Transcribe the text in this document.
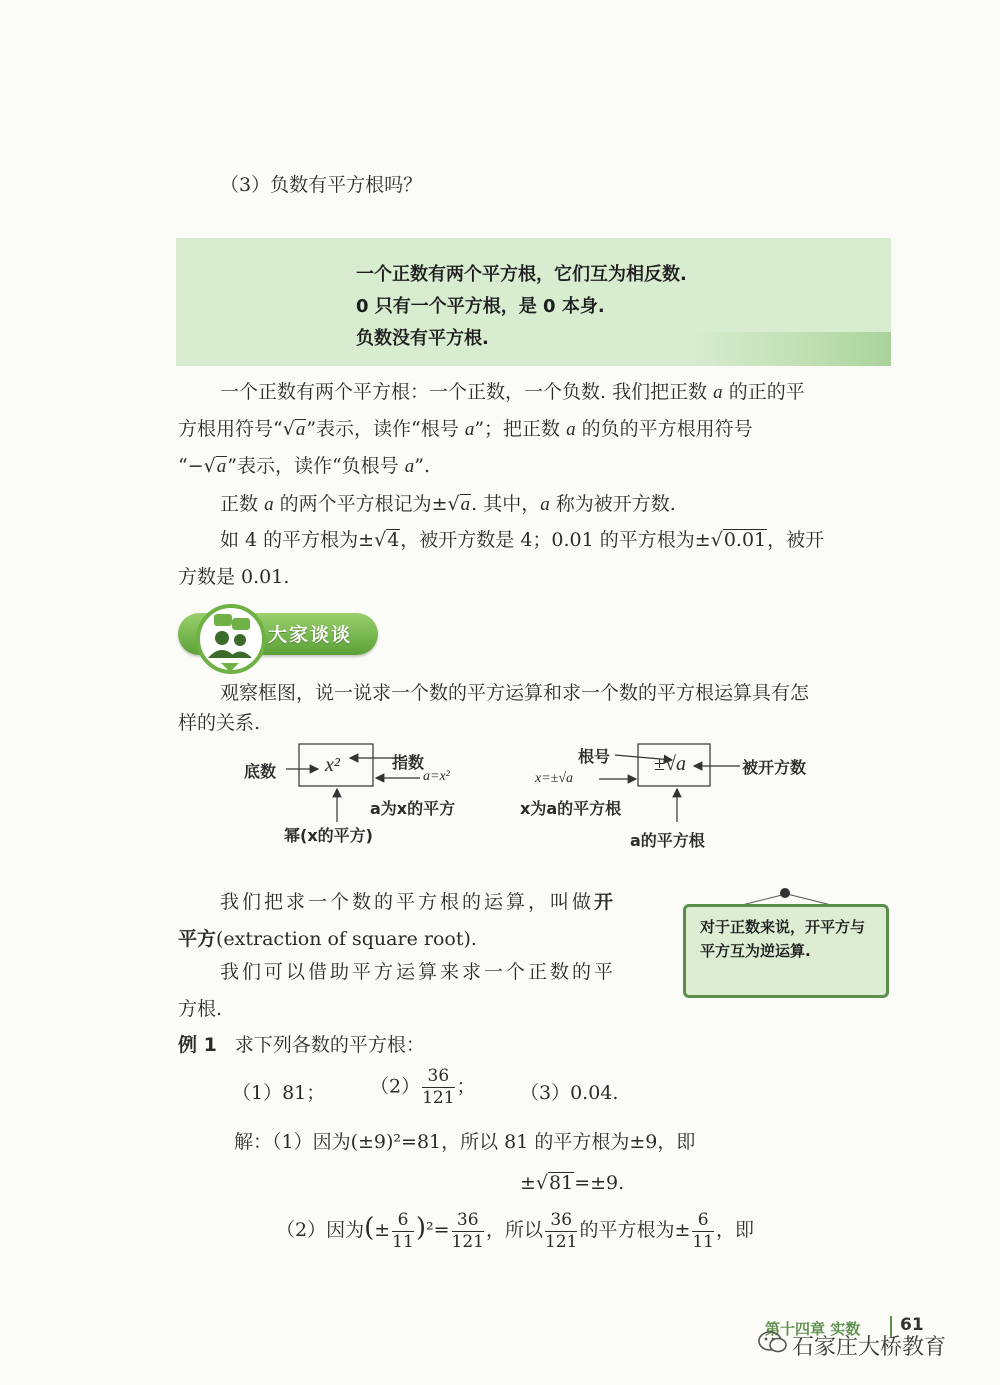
（3）负数有平方根吗？
一个正数有两个平方根，它们互为相反数.
0 只有一个平方根，是 0 本身.
负数没有平方根.
一个正数有两个平方根：一个正数，一个负数. 我们把正数 a 的正的平
方根用符号“√a”表示，读作“根号 a”；把正数 a 的负的平方根用符号
“−√a”表示，读作“负根号 a”.
正数 a 的两个平方根记为±√a. 其中，a 称为被开方数.
如 4 的平方根为±√4，被开方数是 4；0.01 的平方根为±√0.01，被开
方数是 0.01.
大家谈谈
观察框图，说一说求一个数的平方运算和求一个数的平方根运算具有怎
样的关系.
底数 x²	指数
a=x²
a为x的平方
幂(x的平方)
根号 ±√a	被开方数
x=±√a
x为a的平方根
a的平方根
我们把求一个数的平方根的运算，叫做开
平方(extraction of square root).
我们可以借助平方运算来求一个正数的平
方根.
对于正数来说，开平方与平方互为逆运算.
例 1 求下列各数的平方根：
（1）81； $(2) \frac{36}{121}$ ； （3）0.04.
解：（1）因为(±9)²=81，所以 81 的平方根为±9，即
±√81=±9.
（2）因为(± $\frac{6}{11} )^2= \frac{36}{121}$ ，所以 $\frac{36}{121}$ 的平方根为± $\frac{6}{11}$ ，即
第十四章 实数 61
石家庄大桥教育
